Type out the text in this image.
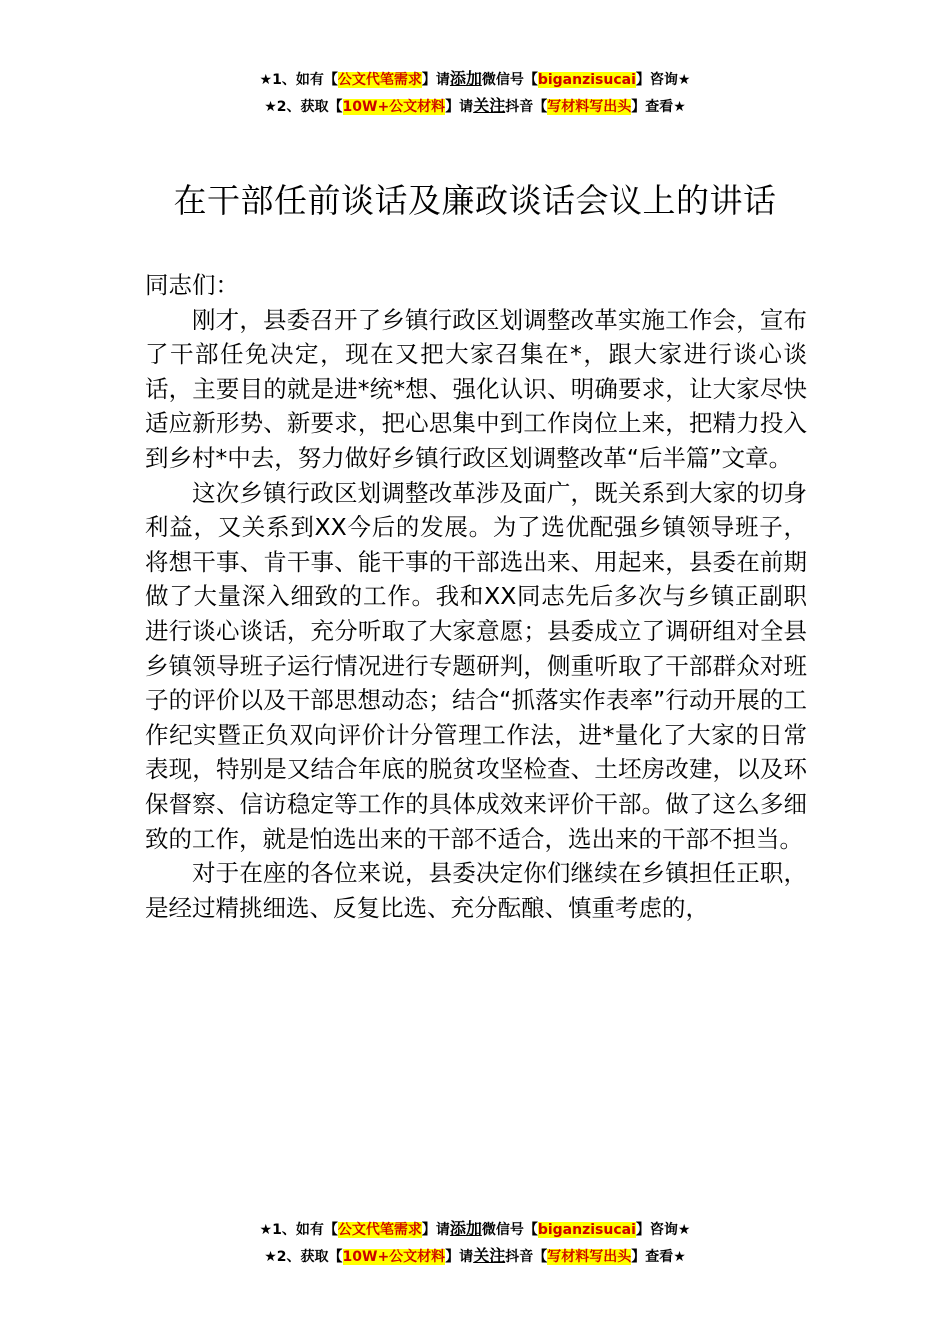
★1、如有【公文代笔需求】请添加微信号【biganzisucai】咨询★
★2、获取【10W+公文材料】请关注抖音【写材料写出头】查看★
在干部任前谈话及廉政谈话会议上的讲话

同志们：

刚才，县委召开了乡镇行政区划调整改革实施工作会，宣布了干部任免决定，现在又把大家召集在*，跟大家进行谈心谈话，主要目的就是进*统*想、强化认识、明确要求，让大家尽快适应新形势、新要求，把心思集中到工作岗位上来，把精力投入到乡村*中去，努力做好乡镇行政区划调整改革“后半篇”文章。

这次乡镇行政区划调整改革涉及面广，既关系到大家的切身利益，又关系到XX今后的发展。为了选优配强乡镇领导班子，将想干事、肯干事、能干事的干部选出来、用起来，县委在前期做了大量深入细致的工作。我和XX同志先后多次与乡镇正副职进行谈心谈话，充分听取了大家意愿；县委成立了调研组对全县乡镇领导班子运行情况进行专题研判，侧重听取了干部群众对班子的评价以及干部思想动态；结合“抓落实作表率”行动开展的工作纪实暨正负双向评价计分管理工作法，进*量化了大家的日常表现，特别是又结合年底的脱贫攻坚检查、土坯房改建，以及环保督察、信访稳定等工作的具体成效来评价干部。做了这么多细致的工作，就是怕选出来的干部不适合，选出来的干部不担当。

对于在座的各位来说，县委决定你们继续在乡镇担任正职，是经过精挑细选、反复比选、充分酝酿、慎重考虑的，

★1、如有【公文代笔需求】请添加微信号【biganzisucai】咨询★
★2、获取【10W+公文材料】请关注抖音【写材料写出头】查看★
